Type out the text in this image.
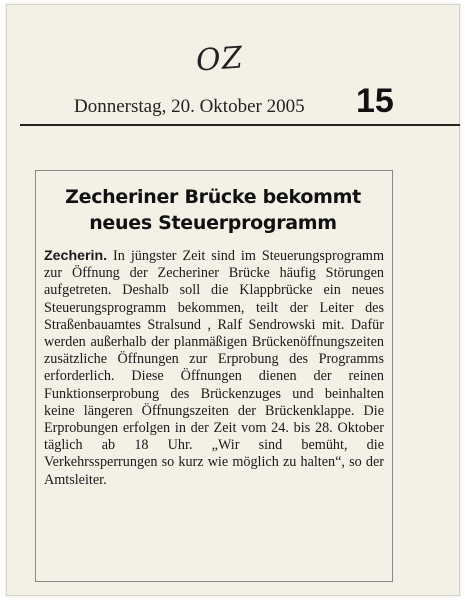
OZ
Donnerstag, 20. Oktober 2005 15
Zecheriner Brücke bekommt
neues Steuerprogramm
Zecherin. In jüngster Zeit sind im Steuerungsprogramm zur Öffnung der Zecheriner Brücke häufig Störungen aufgetreten. Deshalb soll die Klappbrücke ein neues Steuerungsprogramm bekommen, teilt der Leiter des Straßenbauamtes Stralsund , Ralf Sendrowski mit. Dafür werden außerhalb der planmäßigen Brückenöffnungszeiten zusätzliche Öffnungen zur Erprobung des Programms erforderlich. Diese Öffnungen dienen der reinen Funktionserprobung des Brückenzuges und beinhalten keine längeren Öffnungszeiten der Brückenklappe. Die Erprobungen erfolgen in der Zeit vom 24. bis 28. Oktober täglich ab 18 Uhr. „Wir sind bemüht, die Verkehrssperrungen so kurz wie möglich zu halten“, so der Amtsleiter.
